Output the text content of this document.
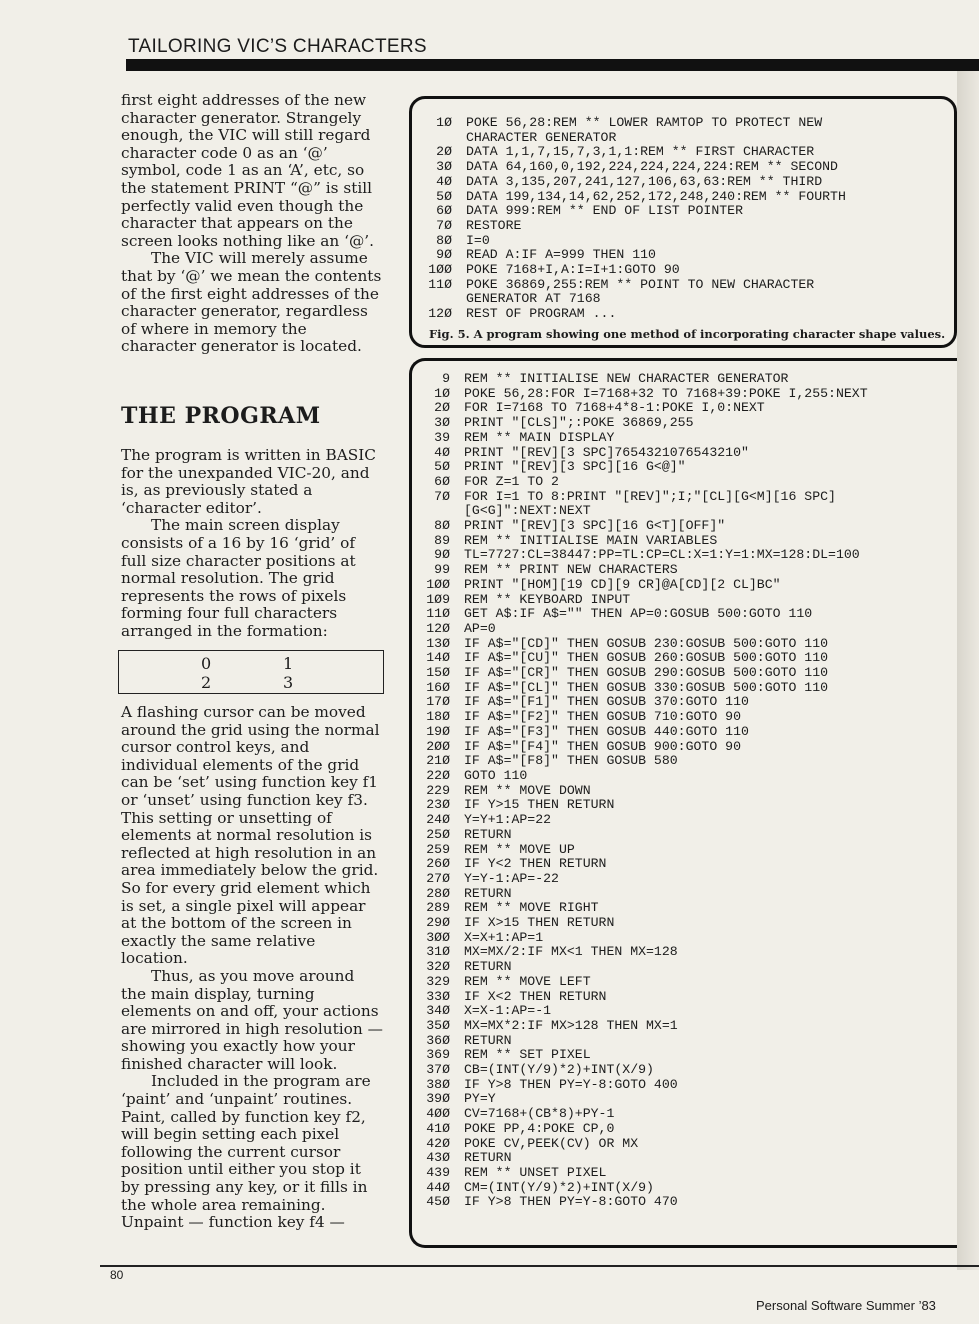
TAILORING VIC’S CHARACTERS

first eight addresses of the new character generator. Strangely enough, the VIC will still regard character code 0 as an ‘@’ symbol, code 1 as an ‘A’, etc, so the statement PRINT “@” is still perfectly valid even though the character that appears on the screen looks nothing like an ‘@’.

The VIC will merely assume that by ‘@’ we mean the contents of the first eight addresses of the character generator, regardless of where in memory the character generator is located.

THE PROGRAM

The program is written in BASIC for the unexpanded VIC-20, and is, as previously stated a ‘character editor’.

The main screen display consists of a 16 by 16 ‘grid’ of full size character positions at normal resolution. The grid represents the rows of pixels forming four full characters arranged in the formation:

0	1
2	3

A flashing cursor can be moved around the grid using the normal cursor control keys, and individual elements of the grid can be ‘set’ using function key f1 or ‘unset’ using function key f3. This setting or unsetting of elements at normal resolution is reflected at high resolution in an area immediately below the grid. So for every grid element which is set, a single pixel will appear at the bottom of the screen in exactly the same relative location.

Thus, as you move around the main display, turning elements on and off, your actions are mirrored in high resolution — showing you exactly how your finished character will look.

Included in the program are ‘paint’ and ‘unpaint’ routines. Paint, called by function key f2, will begin setting each pixel following the current cursor position until either you stop it by pressing any key, or it fills in the whole area remaining. Unpaint — function key f4 —

1Ø POKE 56,28:REM ** LOWER RAMTOP TO PROTECT NEW
CHARACTER GENERATOR
2Ø DATA 1,1,7,15,7,3,1,1:REM ** FIRST CHARACTER
3Ø DATA 64,160,0,192,224,224,224,224:REM ** SECOND
4Ø DATA 3,135,207,241,127,106,63,63:REM ** THIRD
5Ø DATA 199,134,14,62,252,172,248,240:REM ** FOURTH
6Ø DATA 999:REM ** END OF LIST POINTER
7Ø RESTORE
8Ø I=0
9Ø READ A:IF A=999 THEN 110
1ØØ POKE 7168+I,A:I=I+1:GOTO 90
11Ø POKE 36869,255:REM ** POINT TO NEW CHARACTER
GENERATOR AT 7168
12Ø REST OF PROGRAM ...
Fig. 5. A program showing one method of incorporating character shape values.
9 REM ** INITIALISE NEW CHARACTER GENERATOR
1Ø POKE 56,28:FOR I=7168+32 TO 7168+39:POKE I,255:NEXT
2Ø FOR I=7168 TO 7168+4*8-1:POKE I,0:NEXT
3Ø PRINT "[CLS]";:POKE 36869,255
39 REM ** MAIN DISPLAY
4Ø PRINT "[REV][3 SPC]7654321076543210"
5Ø PRINT "[REV][3 SPC][16 G<@]"
6Ø FOR Z=1 TO 2
7Ø FOR I=1 TO 8:PRINT "[REV]";I;"[CL][G<M][16 SPC]
[G<G]":NEXT:NEXT
8Ø PRINT "[REV][3 SPC][16 G<T][OFF]"
89 REM ** INITIALISE MAIN VARIABLES
9Ø TL=7727:CL=38447:PP=TL:CP=CL:X=1:Y=1:MX=128:DL=100
99 REM ** PRINT NEW CHARACTERS
1ØØ PRINT "[HOM][19 CD][9 CR]@A[CD][2 CL]BC"
1Ø9 REM ** KEYBOARD INPUT
11Ø GET A$:IF A$="" THEN AP=0:GOSUB 500:GOTO 110
12Ø AP=0
13Ø IF A$="[CD]" THEN GOSUB 230:GOSUB 500:GOTO 110
14Ø IF A$="[CU]" THEN GOSUB 260:GOSUB 500:GOTO 110
15Ø IF A$="[CR]" THEN GOSUB 290:GOSUB 500:GOTO 110
16Ø IF A$="[CL]" THEN GOSUB 330:GOSUB 500:GOTO 110
17Ø IF A$="[F1]" THEN GOSUB 370:GOTO 110
18Ø IF A$="[F2]" THEN GOSUB 710:GOTO 90
19Ø IF A$="[F3]" THEN GOSUB 440:GOTO 110
2ØØ IF A$="[F4]" THEN GOSUB 900:GOTO 90
21Ø IF A$="[F8]" THEN GOSUB 580
22Ø GOTO 110
229 REM ** MOVE DOWN
23Ø IF Y>15 THEN RETURN
24Ø Y=Y+1:AP=22
25Ø RETURN
259 REM ** MOVE UP
26Ø IF Y<2 THEN RETURN
27Ø Y=Y-1:AP=-22
28Ø RETURN
289 REM ** MOVE RIGHT
29Ø IF X>15 THEN RETURN
3ØØ X=X+1:AP=1
31Ø MX=MX/2:IF MX<1 THEN MX=128
32Ø RETURN
329 REM ** MOVE LEFT
33Ø IF X<2 THEN RETURN
34Ø X=X-1:AP=-1
35Ø MX=MX*2:IF MX>128 THEN MX=1
36Ø RETURN
369 REM ** SET PIXEL
37Ø CB=(INT(Y/9)*2)+INT(X/9)
38Ø IF Y>8 THEN PY=Y-8:GOTO 400
39Ø PY=Y
4ØØ CV=7168+(CB*8)+PY-1
41Ø POKE PP,4:POKE CP,0
42Ø POKE CV,PEEK(CV) OR MX
43Ø RETURN
439 REM ** UNSET PIXEL
44Ø CM=(INT(Y/9)*2)+INT(X/9)
45Ø IF Y>8 THEN PY=Y-8:GOTO 470
80
Personal Software Summer ’83
